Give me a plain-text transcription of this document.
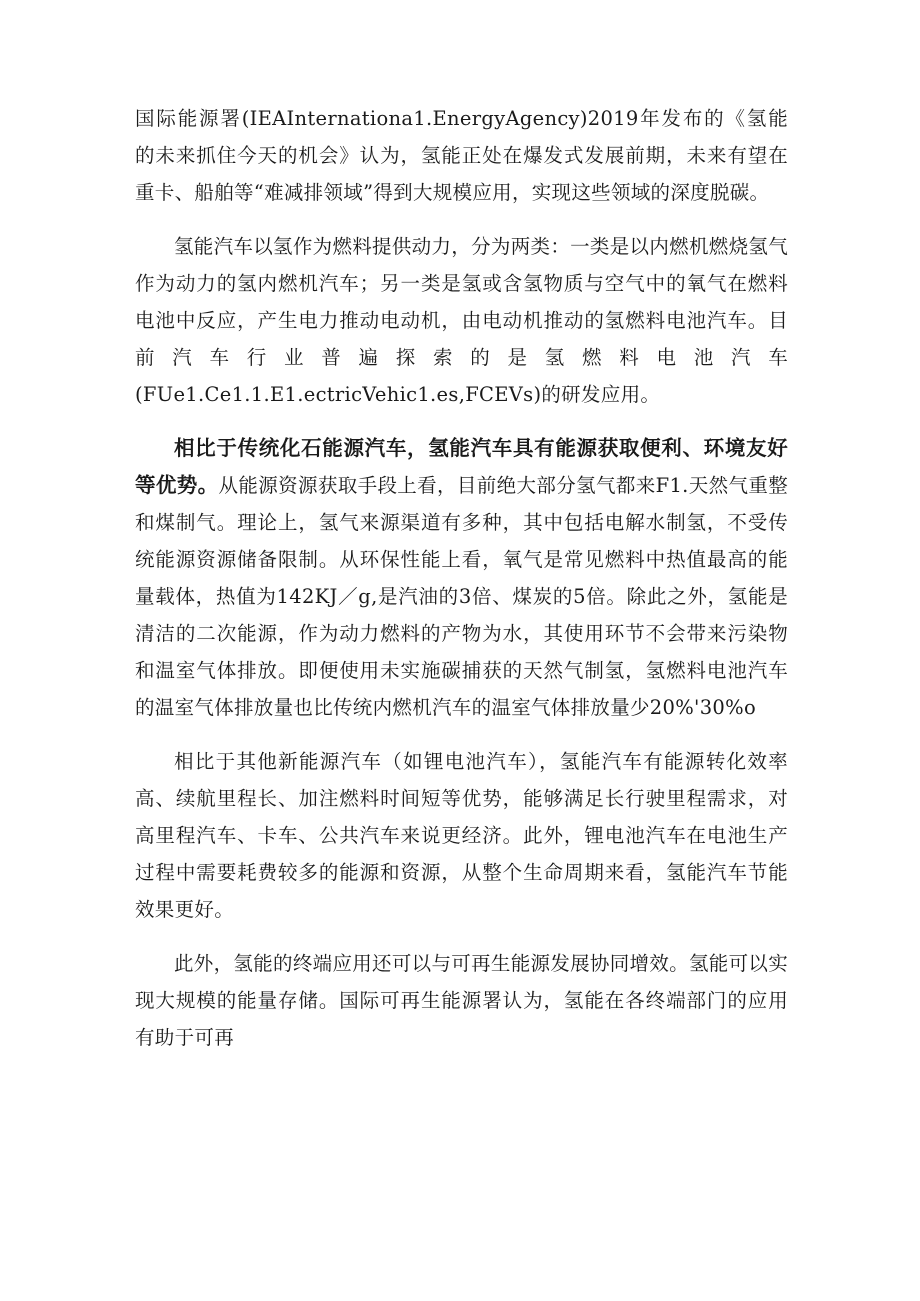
国际能源署(IEAInternationa1.EnergyAgency)2019年发布的《氢能的未来抓住今天的机会》认为，氢能正处在爆发式发展前期，未来有望在重卡、船舶等“难减排领域”得到大规模应用，实现这些领域的深度脱碳。

氢能汽车以氢作为燃料提供动力，分为两类：一类是以内燃机燃烧氢气作为动力的氢内燃机汽车；另一类是氢或含氢物质与空气中的氧气在燃料电池中反应，产生电力推动电动机，由电动机推动的氢燃料电池汽车。目前汽车行业普遍探索的是氢燃料电池汽车(FUe1.Ce1.1.E1.ectricVehic1.es,FCEVs)的研发应用。

相比于传统化石能源汽车，氢能汽车具有能源获取便利、环境友好等优势。从能源资源获取手段上看，目前绝大部分氢气都来F1.天然气重整和煤制气。理论上，氢气来源渠道有多种，其中包括电解水制氢，不受传统能源资源储备限制。从环保性能上看，氧气是常见燃料中热值最高的能量载体，热值为142KJ／g,是汽油的3倍、煤炭的5倍。除此之外，氢能是清洁的二次能源，作为动力燃料的产物为水，其使用环节不会带来污染物和温室气体排放。即便使用未实施碳捕获的天然气制氢，氢燃料电池汽车的温室气体排放量也比传统内燃机汽车的温室气体排放量少20%'30%o

相比于其他新能源汽车（如锂电池汽车），氢能汽车有能源转化效率高、续航里程长、加注燃料时间短等优势，能够满足长行驶里程需求，对高里程汽车、卡车、公共汽车来说更经济。此外，锂电池汽车在电池生产过程中需要耗费较多的能源和资源，从整个生命周期来看，氢能汽车节能效果更好。

此外，氢能的终端应用还可以与可再生能源发展协同增效。氢能可以实现大规模的能量存储。国际可再生能源署认为，氢能在各终端部门的应用有助于可再
